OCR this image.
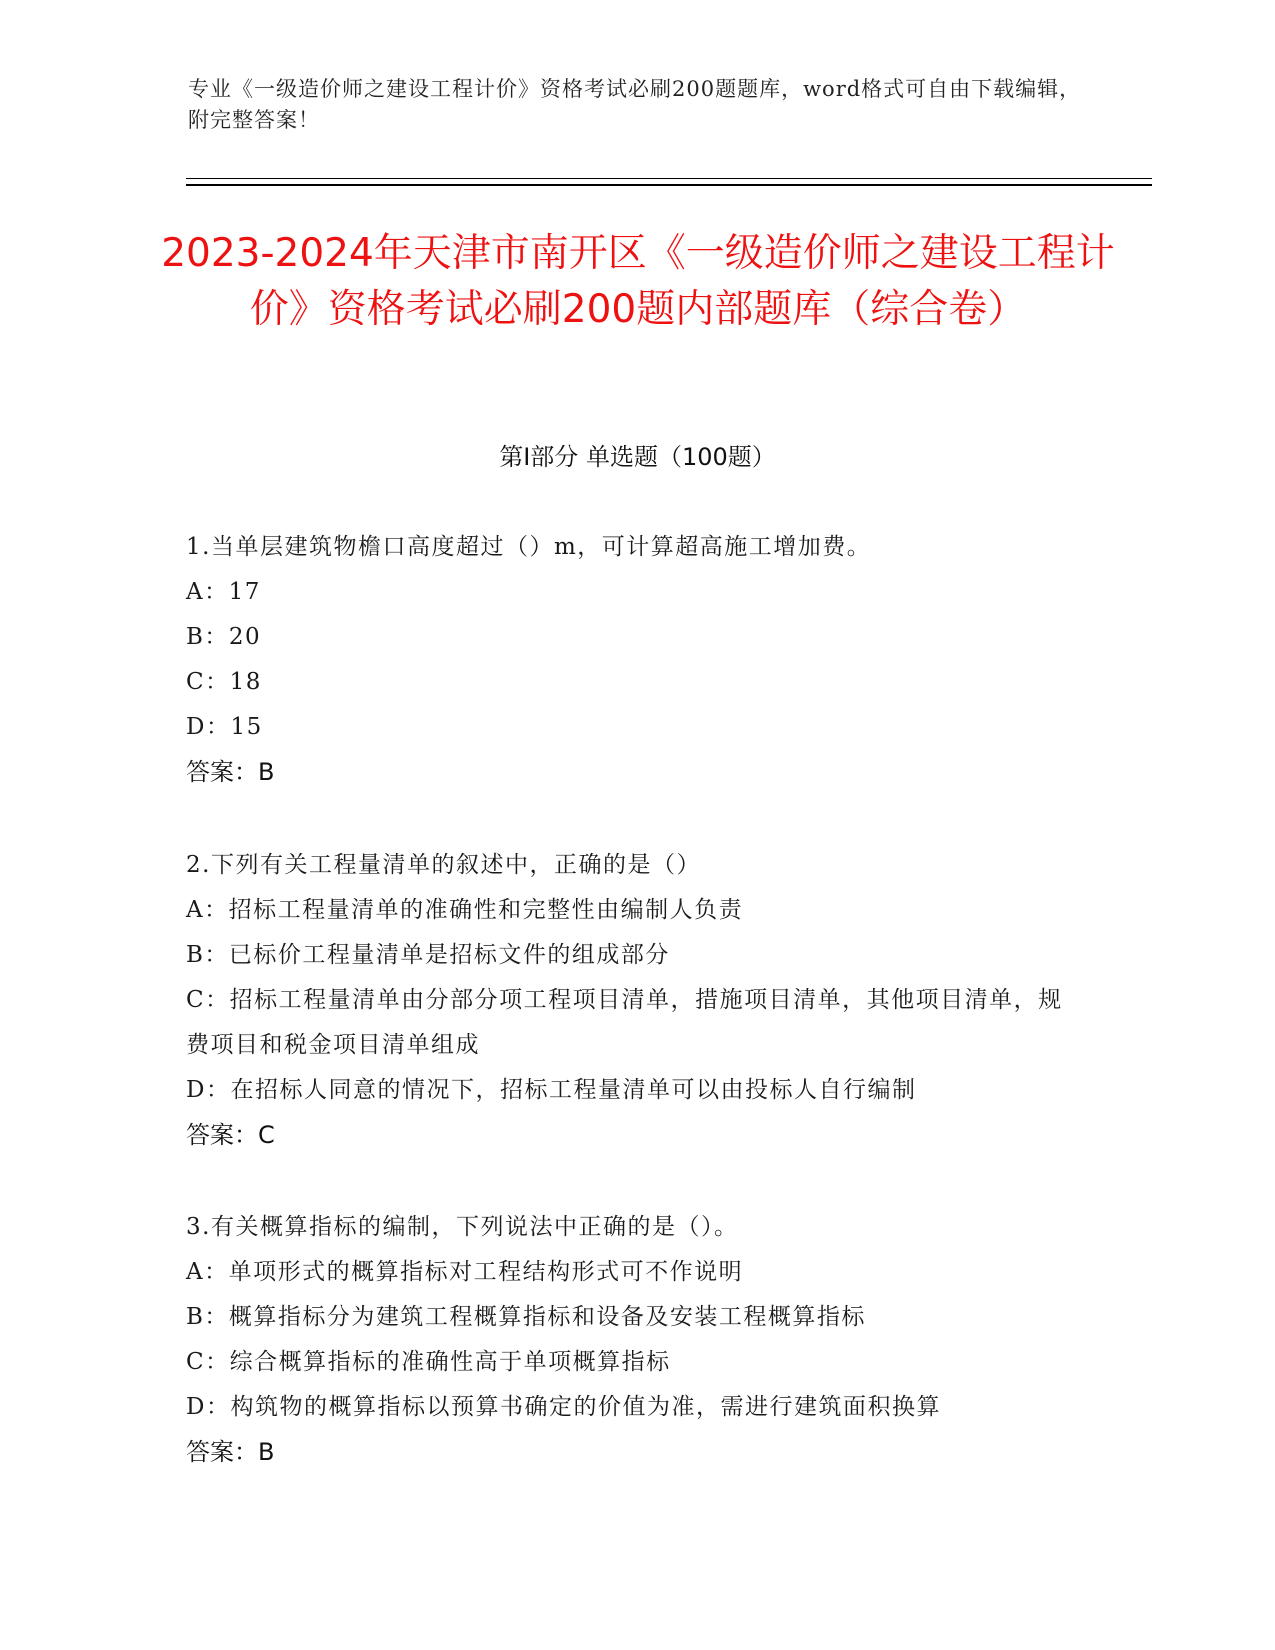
专业《一级造价师之建设工程计价》资格考试必刷200题题库，word格式可自由下载编辑，附完整答案！
2023-2024年天津市南开区《一级造价师之建设工程计价》资格考试必刷200题内部题库（综合卷）
第I部分 单选题（100题）
1.当单层建筑物檐口高度超过（）m，可计算超高施工增加费。
A：17
B：20
C：18
D：15
答案：B
2.下列有关工程量清单的叙述中，正确的是（）
A：招标工程量清单的准确性和完整性由编制人负责
B：已标价工程量清单是招标文件的组成部分
C：招标工程量清单由分部分项工程项目清单，措施项目清单，其他项目清单，规费项目和税金项目清单组成
D：在招标人同意的情况下，招标工程量清单可以由投标人自行编制
答案：C
3.有关概算指标的编制，下列说法中正确的是（）。
A：单项形式的概算指标对工程结构形式可不作说明
B：概算指标分为建筑工程概算指标和设备及安装工程概算指标
C：综合概算指标的准确性高于单项概算指标
D：构筑物的概算指标以预算书确定的价值为准，需进行建筑面积换算
答案：B
